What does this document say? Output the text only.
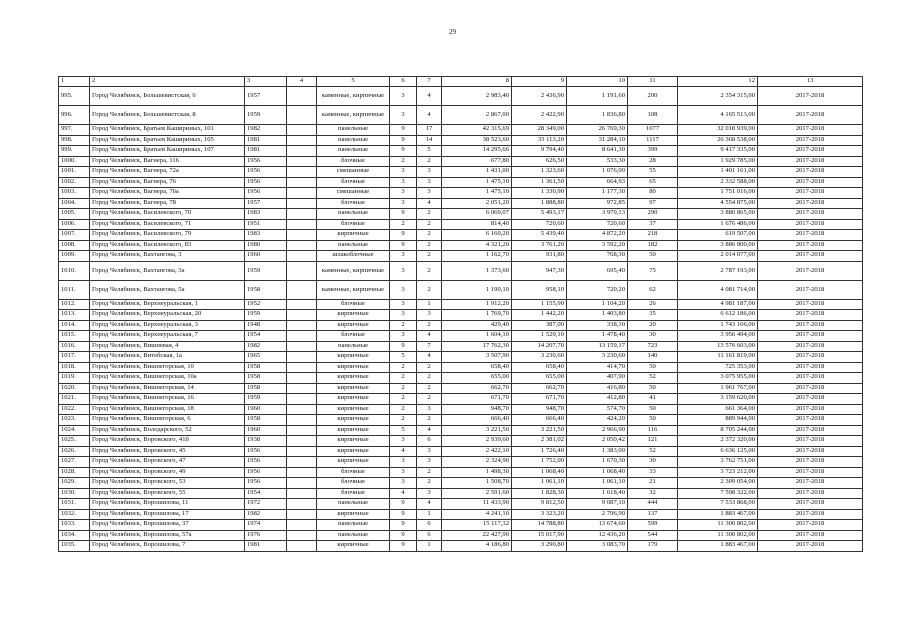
29
1	2	3	4	5	6	7	8	9	10	11	12	13
995.	Город Челябинск, Большевистская, 6	1957		каменные, кирпичные	3	4	2 983,40	2 436,90	1 191,60	200	2 354 315,00	2017-2018
996.	Город Челябинск, Большевистская, 8	1959		каменные, кирпичные	3	4	2 867,00	2 422,90	1 836,80	108	4 165 513,00	2017-2018
997.	Город Челябинск, Братьев Кашириных, 101	1982		панельные	9	17	42 315,69	28 349,00	26 769,30	1077	32 018 939,00	2017-2018
998.	Город Челябинск, Братьев Кашириных, 105	1981		панельные	9	14	38 523,60	33 113,20	31 284,10	1117	26 368 538,00	2017-2018
999.	Город Челябинск, Братьев Кашириных, 107	1981		панельные	9	5	14 295,66	9 794,40	8 641,30	399	9 417 335,00	2017-2018
1000.	Город Челябинск, Вагнера, 116	1956		блочные	2	2	677,80	626,50	533,30	28	1 929 785,00	2017-2018
1001.	Город Челябинск, Вагнера, 72а	1956		смешанные	3	3	1 431,00	1 323,60	1 076,00	55	1 401 161,00	2017-2018
1002.	Город Челябинск, Вагнера, 76	1956		блочные	3	3	1 475,10	1 361,50	664,93	65	2 332 588,00	2017-2018
1003.	Город Челябинск, Вагнера, 76а	1956		смешанные	3	3	1 475,10	1 330,90	1 177,30	80	1 751 016,00	2017-2018
1004.	Город Челябинск, Вагнера, 78	1957		блочные	3	4	2 051,20	1 888,80	972,85	97	4 554 875,00	2017-2018
1005.	Город Челябинск, Василевского, 70	1983		панельные	9	2	6 069,07	5 493,17	3 979,13	290	3 880 865,00	2017-2018
1006.	Город Челябинск, Василевского, 71	1951		блочные	2	2	814,40	720,60	720,60	37	1 676 486,00	2017-2018
1007.	Город Челябинск, Василевского, 79	1983		кирпичные	9	2	6 160,20	5 439,40	4 872,20	218	619 507,00	2017-2018
1008.	Город Челябинск, Василевского, 83	1980		панельные	9	2	4 321,20	3 761,20	3 592,20	182	3 886 800,00	2017-2018
1009.	Город Челябинск, Вахтангова, 3	1960		шлакоблочные	3	2	1 162,70	931,80	768,30	50	2 014 077,00	2017-2018
1010.	Город Челябинск, Вахтангова, 3а	1959		каменные, кирпичные	3	2	1 373,60	947,30	695,40	75	2 787 193,00	2017-2018
1011.	Город Челябинск, Вахтангова, 5а	1958		каменные, кирпичные	3	2	1 190,10	958,10	720,20	62	4 081 714,00	2017-2018
1012.	Город Челябинск, Верхнеуральская, 1	1952		блочные	3	1	1 912,20	1 155,90	1 104,20	26	4 981 187,00	2017-2018
1013.	Город Челябинск, Верхнеуральская, 20	1959		кирпичные	3	3	1 769,70	1 442,20	1 403,80	35	6 612 186,00	2017-2018
1014.	Город Челябинск, Верхнеуральская, 3	1948		кирпичные	2	2	429,40	387,00	338,10	20	1 743 166,00	2017-2018
1015.	Город Челябинск, Верхнеуральская, 7	1954		блочные	3	4	1 604,10	1 529,10	1 478,40	30	3 956 494,00	2017-2018
1016.	Город Челябинск, Вишневая, 4	1982		панельные	9	7	17 762,30	14 207,70	13 159,17	723	13 576 603,00	2017-2018
1017.	Город Челябинск, Витебская, 1а	1965		кирпичные	5	4	3 507,90	3 230,60	3 230,60	140	11 161 819,00	2017-2018
1018.	Город Челябинск, Вишнегорская, 10	1958		кирпичные	2	2	658,40	658,40	414,70	50	725 353,00	2017-2018
1019.	Город Челябинск, Вишнегорская, 10а	1958		кирпичные	2	2	655,00	655,00	407,90	52	3 075 955,00	2017-2018
1020.	Город Челябинск, Вишнегорская, 14	1958		кирпичные	2	2	662,70	662,70	416,80	50	1 961 767,00	2017-2018
1021.	Город Челябинск, Вишнегорская, 16	1959		кирпичные	2	2	671,70	671,70	412,80	41	3 159 620,00	2017-2018
1022.	Город Челябинск, Вишнегорская, 18	1960		кирпичные	2	3	948,70	948,70	574,70	50	661 364,00	2017-2018
1023.	Город Челябинск, Вишнегорская, 6	1958		кирпичные	2	2	666,40	666,40	424,20	50	889 944,00	2017-2018
1024.	Город Челябинск, Володарского, 52	1960		кирпичные	5	4	3 221,50	3 221,50	2 966,90	116	8 705 244,00	2017-2018
1025.	Город Челябинск, Воровского, 41б	1938		кирпичные	3	6	2 939,60	2 381,02	2 050,42	121	2 372 320,00	2017-2018
1026.	Город Челябинск, Воровского, 45	1956		кирпичные	4	3	2 422,10	1 726,40	1 383,00	52	6 636 125,00	2017-2018
1027.	Город Челябинск, Воровского, 47	1956		кирпичные	3	3	2 324,90	1 752,00	1 670,30	30	3 762 751,00	2017-2018
1028.	Город Челябинск, Воровского, 49	1956		блочные	3	2	1 498,30	1 068,40	1 068,40	33	3 723 212,00	2017-2018
1029.	Город Челябинск, Воровского, 53	1956		блочные	3	2	1 508,70	1 061,10	1 061,10	21	2 309 054,00	2017-2018
1030.	Город Челябинск, Воровского, 55	1954		блочные	4	3	2 591,60	1 828,30	1 618,40	32	7 598 322,00	2017-2018
1031.	Город Челябинск, Ворошилова, 11	1972		панельные	9	4	11 433,90	9 812,50	9 087,10	444	7 533 868,00	2017-2018
1032.	Город Челябинск, Ворошилова, 17	1982		кирпичные	9	1	4 241,10	3 323,20	2 796,90	137	1 883 467,00	2017-2018
1033.	Город Челябинск, Ворошилова, 37	1974		панельные	9	6	15 117,32	14 788,80	13 674,60	599	11 300 802,00	2017-2018
1034.	Город Челябинск, Ворошилова, 57а	1976		панельные	9	6	22 427,90	15 017,90	12 436,20	544	11 300 802,00	2017-2018
1035.	Город Челябинск, Ворошилова, 7	1981		кирпичные	9	1	4 186,80	3 290,80	3 083,70	179	1 883 467,00	2017-2018
